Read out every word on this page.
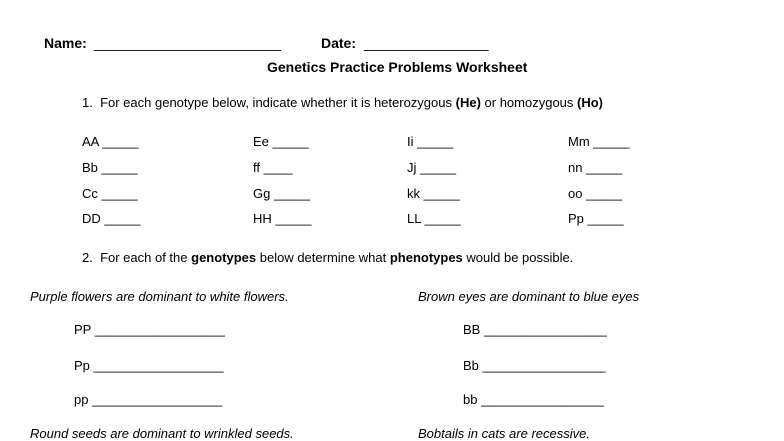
Name: ________________________	Date: ________________
Genetics Practice Problems Worksheet
1.  For each genotype below, indicate whether it is heterozygous (He) or homozygous (Ho)
AA _____	Ee _____	Ii _____	Mm _____
Bb _____	ff ____	Jj _____	nn _____
Cc _____	Gg _____	kk _____	oo _____
DD _____	HH _____	LL _____	Pp _____
2.  For each of the genotypes below determine what phenotypes would be possible.
Purple flowers are dominant to white flowers.	Brown eyes are dominant to blue eyes
PP __________________
Pp __________________
pp __________________
BB _________________
Bb _________________
bb _________________
Round seeds are dominant to wrinkled seeds.	Bobtails in cats are recessive.
